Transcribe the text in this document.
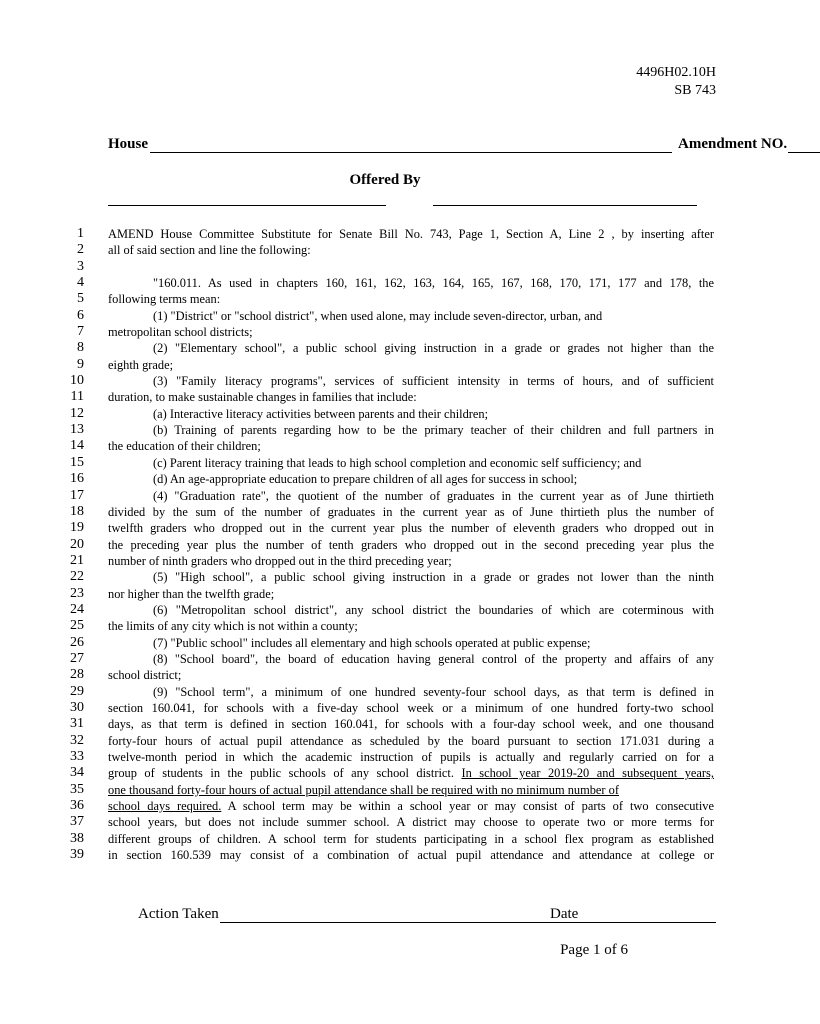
4496H02.10H
SB 743
House	Amendment NO.
Offered By
1 AMEND House Committee Substitute for Senate Bill No. 743, Page 1, Section A, Line 2 , by inserting after
2 all of said section and line the following:
3
4	"160.011. As used in chapters 160, 161, 162, 163, 164, 165, 167, 168, 170, 171, 177 and 178, the
5 following terms mean:
6	(1) "District" or "school district", when used alone, may include seven-director, urban, and
7 metropolitan school districts;
8	(2) "Elementary school", a public school giving instruction in a grade or grades not higher than the
9 eighth grade;
10	(3) "Family literacy programs", services of sufficient intensity in terms of hours, and of sufficient
11 duration, to make sustainable changes in families that include:
12	(a) Interactive literacy activities between parents and their children;
13	(b) Training of parents regarding how to be the primary teacher of their children and full partners in
14 the education of their children;
15	(c) Parent literacy training that leads to high school completion and economic self sufficiency; and
16	(d) An age-appropriate education to prepare children of all ages for success in school;
17	(4) "Graduation rate", the quotient of the number of graduates in the current year as of June thirtieth
18 divided by the sum of the number of graduates in the current year as of June thirtieth plus the number of
19 twelfth graders who dropped out in the current year plus the number of eleventh graders who dropped out in
20 the preceding year plus the number of tenth graders who dropped out in the second preceding year plus the
21 number of ninth graders who dropped out in the third preceding year;
22	(5) "High school", a public school giving instruction in a grade or grades not lower than the ninth
23 nor higher than the twelfth grade;
24	(6) "Metropolitan school district", any school district the boundaries of which are coterminous with
25 the limits of any city which is not within a county;
26	(7) "Public school" includes all elementary and high schools operated at public expense;
27	(8) "School board", the board of education having general control of the property and affairs of any
28 school district;
29	(9) "School term", a minimum of one hundred seventy-four school days, as that term is defined in
30 section 160.041, for schools with a five-day school week or a minimum of one hundred forty-two school
31 days, as that term is defined in section 160.041, for schools with a four-day school week, and one thousand
32 forty-four hours of actual pupil attendance as scheduled by the board pursuant to section 171.031 during a
33 twelve-month period in which the academic instruction of pupils is actually and regularly carried on for a
34 group of students in the public schools of any school district. In school year 2019-20 and subsequent years,
35 one thousand forty-four hours of actual pupil attendance shall be required with no minimum number of
36 school days required. A school term may be within a school year or may consist of parts of two consecutive
37 school years, but does not include summer school. A district may choose to operate two or more terms for
38 different groups of children. A school term for students participating in a school flex program as established
39 in section 160.539 may consist of a combination of actual pupil attendance and attendance at college or
Action Taken	Date
Page 1 of 6
